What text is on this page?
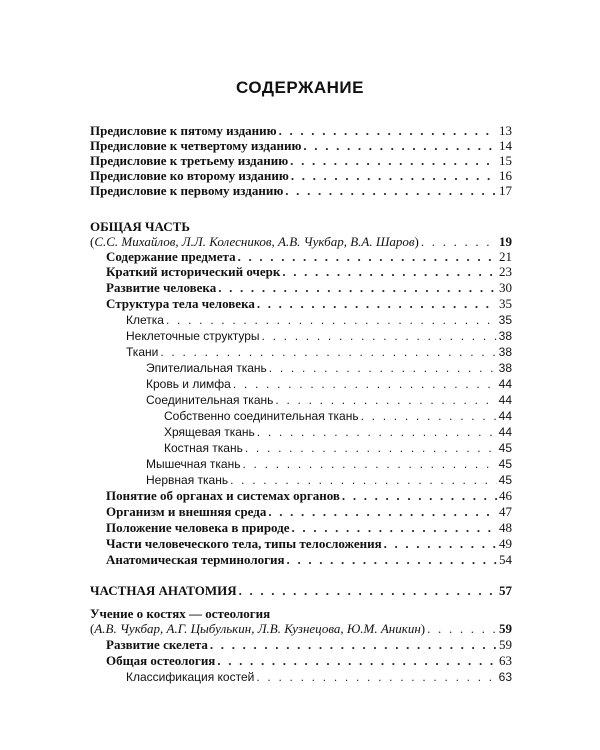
СОДЕРЖАНИЕ
Предисловие к пятому изданию . . .	13
Предисловие к четвертому изданию . . .	14
Предисловие к третьему изданию . . .	15
Предисловие ко второму изданию . . .	16
Предисловие к первому изданию . . .	17
ОБЩАЯ ЧАСТЬ
(С.С. Михайлов, Л.Л. Колесников, А.В. Чукбар, В.А. Шаров) . . .	19
Содержание предмета . . .	21
Краткий исторический очерк . . .	23
Развитие человека . . .	30
Структура тела человека . . .	35
Клетка . . .	35
Неклеточные структуры . . .	38
Ткани . . .	38
Эпителиальная ткань . . .	38
Кровь и лимфа . . .	44
Соединительная ткань . . .	44
Собственно соединительная ткань . . .	44
Хрящевая ткань . . .	44
Костная ткань . . .	45
Мышечная ткань . . .	45
Нервная ткань . . .	45
Понятие об органах и системах органов . . .	46
Организм и внешняя среда . . .	47
Положение человека в природе . . .	48
Части человеческого тела, типы телосложения . . .	49
Анатомическая терминология . . .	54
ЧАСТНАЯ АНАТОМИЯ . . .	57
Учение о костях — остеология
(А.В. Чукбар, А.Г. Цыбулькин, Л.В. Кузнецова, Ю.М. Аникин) . . .	59
Развитие скелета . . .	59
Общая остеология . . .	63
Классификация костей . . .	63
